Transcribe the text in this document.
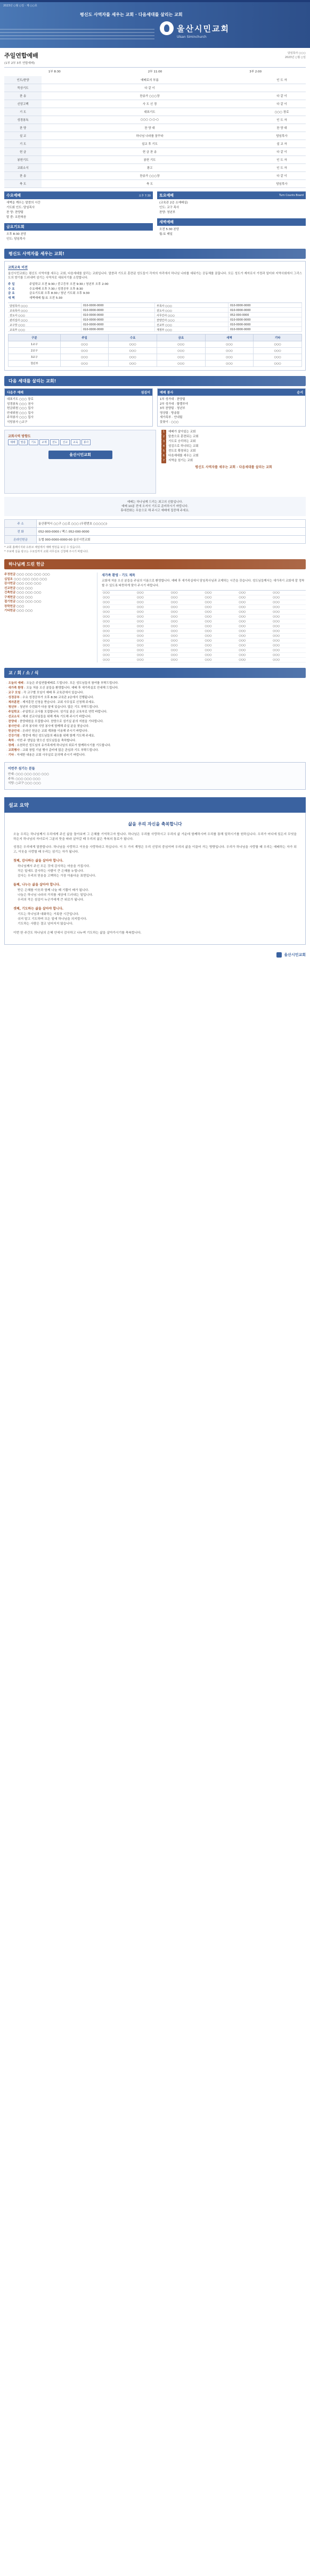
2023년 ○월 ○일 · 제 ○○호
평신도 사역자를 세우는 교회 · 다음세대를 살리는 교회
울산시민교회
Ulsan Siminchurch
주일연합예배
(1부 2부 3부 연합예배)
담임목사 ○○○
2023년 ○월 ○일
1부 8:30	2부 11:00	3부 2:00
인도/찬양	예배로의 부름	인 도 자
묵상기도	다 같 이	
찬 송	찬송가 ○○○장	다 같 이
신앙고백	사 도 신 경	다 같 이
기 도	대표기도	○○○ 장로
성경봉독	○○○ ○:○-○	인 도 자
찬 양	찬 양 대	찬 양 대
설 교	하나님 나라를 꿈꾸라	담임목사
기 도	설교 후 기도	설 교 자
헌 금	헌 금 찬 송	다 같 이
봉헌기도	봉헌 기도	인 도 자
교회소식	광고	인 도 자
찬 송	찬송가 ○○○장	다 같 이
축 도	축 도	담임목사
수요예배	오후 7:30
새벽을 깨우는 말씀의 시간
기도회 인도: 담임목사
찬 양: 찬양팀
말 씀: 요한복음
금요기도회
오후 8:30 본당
인도: 담임목사
토요예배	Turn Counts Board
(교육관 2층 소예배실)
인도: 교구 목사
찬양: 청년부
새벽예배
오전 5:30 본당
월-토 매일
평신도 사역자를 세우는 교회!
교회교육 비전
울산시민교회는 평신도 사역자를 세우는 교회, 다음세대를 살리는 교회입니다. 말씀과 기도로 훈련된 성도들이 각자의 자리에서 하나님 나라를 세워가는 공동체를 꿈꿉니다. 모든 성도가 제자로서 가정과 일터와 지역사회에서 그리스도의 향기를 드러내며 섬기는 사역자로 세워지기를 소망합니다.
주 일	주일학교 오전 9:30 / 중고등부 오전 9:30 / 청년부 오후 2:00
수 요	수요예배 오후 7:30 / 성경공부 오후 8:30
금 요	금요기도회 오후 8:30 / 청년 기도회 오후 9:30
새 벽	새벽예배 월-토 오전 5:30
담임목사 ○○○	010-0000-0000	부목사 ○○○	010-0000-0000
교육목사 ○○○	010-0000-0000	전도사 ○○○	010-0000-0000
전도사 ○○○	010-0000-0000	사무간사 ○○○	052-000-0000
관리집사 ○○○	010-0000-0000	찬양간사 ○○○	010-0000-0000
교구장 ○○○	010-0000-0000	선교부 ○○○	010-0000-0000
교육부 ○○○	010-0000-0000	재정부 ○○○	010-0000-0000
구분	주일	수요	금요	새벽	기타
1교구	○○○	○○○	○○○	○○○	○○○
2교구	○○○	○○○	○○○	○○○	○○○
3교구	○○○	○○○	○○○	○○○	○○○
청년부	○○○	○○○	○○○	○○○	○○○
다음 세대를 살리는 교회!
다음주 예배	섬김이
대표기도 ○○○ 장로
성경봉독 ○○○ 권사
헌금위원 ○○○ 집사
안내위원 ○○○ 집사
주차봉사 ○○○ 집사
식당봉사 ○교구
예배 봉사	순서
1부 성가대 · 찬양팀
2부 성가대 · 할렐루야
3부 찬양팀 · 청년부
영상팀 · 방송팀
새가족부 · 안내팀
꽃꽂이 · ○○○
교회사역 방향도
예배 말씀 기도 교제 전도 선교 교육 봉사
울산시민교회
1	예배가 살아있는 교회
2	말씀으로 훈련되는 교회
3	기도로 승리하는 교회
4	섬김으로 하나되는 교회
5	전도로 확장되는 교회
6	다음세대를 세우는 교회
7	지역을 섬기는 교회
평신도 사역자를 세우는 교회 · 다음세대를 살리는 교회
예배는 하나님께 드리는 최고의 선물입니다.
예배 10분 전에 오셔서 기도로 준비하시기 바랍니다.
휴대전화는 무음으로 해 주시고 예배에 집중해 주세요.
주 소	울산광역시 ○○구 ○○로 ○○○ (우편번호 ○○○○○)
전 화	052-000-0000 / 팩스 052-000-0000
온라인헌금	농협 000-0000-0000-00 울산시민교회
* 교회 홈페이지와 유튜브 채널에서 예배 영상을 보실 수 있습니다.
* 주보에 실을 광고는 수요일까지 교회 사무실로 신청해 주시기 바랍니다.
하나님께 드린 헌금
주정헌금 ○○○ ○○○ ○○○ ○○○
십일조 ○○○ ○○○ ○○○ ○○○
감사헌금 ○○○ ○○○ ○○○
선교헌금 ○○○ ○○○
건축헌금 ○○○ ○○○ ○○○
구제헌금 ○○○ ○○○
절기헌금 ○○○ ○○○ ○○○
장학헌금 ○○○
기타헌금 ○○○ ○○○
새가족 환영 · 기도 제목
교회에 처음 오신 분들을 주님의 이름으로 환영합니다. 예배 후 새가족실에서 담임목사님과 교제하는 시간을 갖습니다. 성도님들께서는 새가족이 교회에 잘 정착할 수 있도록 따뜻하게 맞아 주시기 바랍니다.
○○○	○○○	○○○	○○○	○○○	○○○
○○○	○○○	○○○	○○○	○○○	○○○
○○○	○○○	○○○	○○○	○○○	○○○
○○○	○○○	○○○	○○○	○○○	○○○
○○○	○○○	○○○	○○○	○○○	○○○
○○○	○○○	○○○	○○○	○○○	○○○
○○○	○○○	○○○	○○○	○○○	○○○
○○○	○○○	○○○	○○○	○○○	○○○
○○○	○○○	○○○	○○○	○○○	○○○
○○○	○○○	○○○	○○○	○○○	○○○
○○○	○○○	○○○	○○○	○○○	○○○
○○○	○○○	○○○	○○○	○○○	○○○
○○○	○○○	○○○	○○○	○○○	○○○
○○○	○○○	○○○	○○○	○○○	○○○
○○○	○○○	○○○	○○○	○○○	○○○
교 / 회 / 소 / 식
· 오늘의 예배 : 오늘은 주일연합예배로 드립니다. 모든 성도님들의 참여를 부탁드립니다.
· 새가족 환영 : 오늘 처음 오신 분들을 환영합니다. 예배 후 새가족실로 안내해 드립니다.
· 교구 모임 : 각 교구별 모임이 예배 후 교육관에서 있습니다.
· 성경공부 : 수요 성경공부가 오후 8:30 교육관 2층에서 진행됩니다.
· 제자훈련 : 제자훈련 신청을 받습니다. 교회 사무실로 신청해 주세요.
· 청년부 : 청년부 수련회가 다음 달에 있습니다. 많은 기도 부탁드립니다.
· 주일학교 : 주일학교 교사를 모집합니다. 섬기실 분은 교육부로 연락 바랍니다.
· 선교소식 : 해외 선교사님들을 위해 계속 기도해 주시기 바랍니다.
· 찬양대 : 찬양대원을 모집합니다. 찬양으로 섬기실 분의 지원을 기다립니다.
· 봉사안내 : 주차 봉사와 식당 봉사에 함께해 주실 분을 찾습니다.
· 헌금안내 : 온라인 헌금은 교회 계좌를 이용해 주시기 바랍니다.
· 건강기원 : 병중에 계신 성도님들의 쾌유를 위해 함께 기도해 주세요.
· 축하 : 이번 주 생일을 맞으신 성도님들을 축하합니다.
· 장례 : 소천하신 성도님의 유가족에게 하나님의 위로가 함께하시기를 기도합니다.
· 교회행사 : 교회 창립 기념 행사 준비에 많은 관심과 기도 부탁드립니다.
· 기타 : 자세한 내용은 교회 사무실로 문의해 주시기 바랍니다.
이번주 섬기는 분들
안내: ○○○ ○○○ ○○○ ○○○
주차: ○○○ ○○○ ○○○
식당: ○교구 ○○○ ○○○
설교 요약
삶을 우리 자신을 축복합니다
오늘 우리는 하나님께서 우리에게 주신 삶을 돌아보며 그 은혜를 기억하고자 합니다. 하나님은 우리를 사랑하시고 우리의 삶 가운데 함께하시며 우리를 통해 일하시기를 원하십니다. 우리가 어디에 있든지 무엇을 하든지 하나님의 자녀로서 그분의 뜻을 따라 살아갈 때 우리의 삶은 축복의 통로가 됩니다.
성경은 우리에게 말씀합니다. 하나님을 사랑하고 이웃을 사랑하라고 하십니다. 이 두 가지 계명은 우리 신앙의 중심이며 우리의 삶을 이끌어 가는 방향입니다. 우리가 하나님을 사랑할 때 우리는 예배하는 자가 되고, 이웃을 사랑할 때 우리는 섬기는 자가 됩니다.
첫째, 감사하는 삶을 살아야 합니다.
하나님께서 주신 모든 것에 감사하는 마음을 가집시다.
작은 일에도 감사하는 사람이 큰 은혜를 누립니다.
감사는 우리의 믿음을 고백하는 가장 아름다운 표현입니다.
둘째, 나누는 삶을 살아야 합니다.
받은 은혜를 이웃과 함께 나눌 때 기쁨이 배가 됩니다.
나눔은 하나님 나라의 가치를 세상에 드러내는 일입니다.
우리의 작은 섬김이 누군가에게 큰 위로가 됩니다.
셋째, 기도하는 삶을 살아야 합니다.
기도는 하나님과 대화하는 거룩한 시간입니다.
쉬지 말고 기도하며 모든 일에 하나님을 의지합시다.
기도하는 사람은 결코 넘어지지 않습니다.
이번 한 주간도 하나님의 은혜 안에서 감사하고 나누며 기도하는 삶을 살아가시기를 축복합니다.
울산시민교회
